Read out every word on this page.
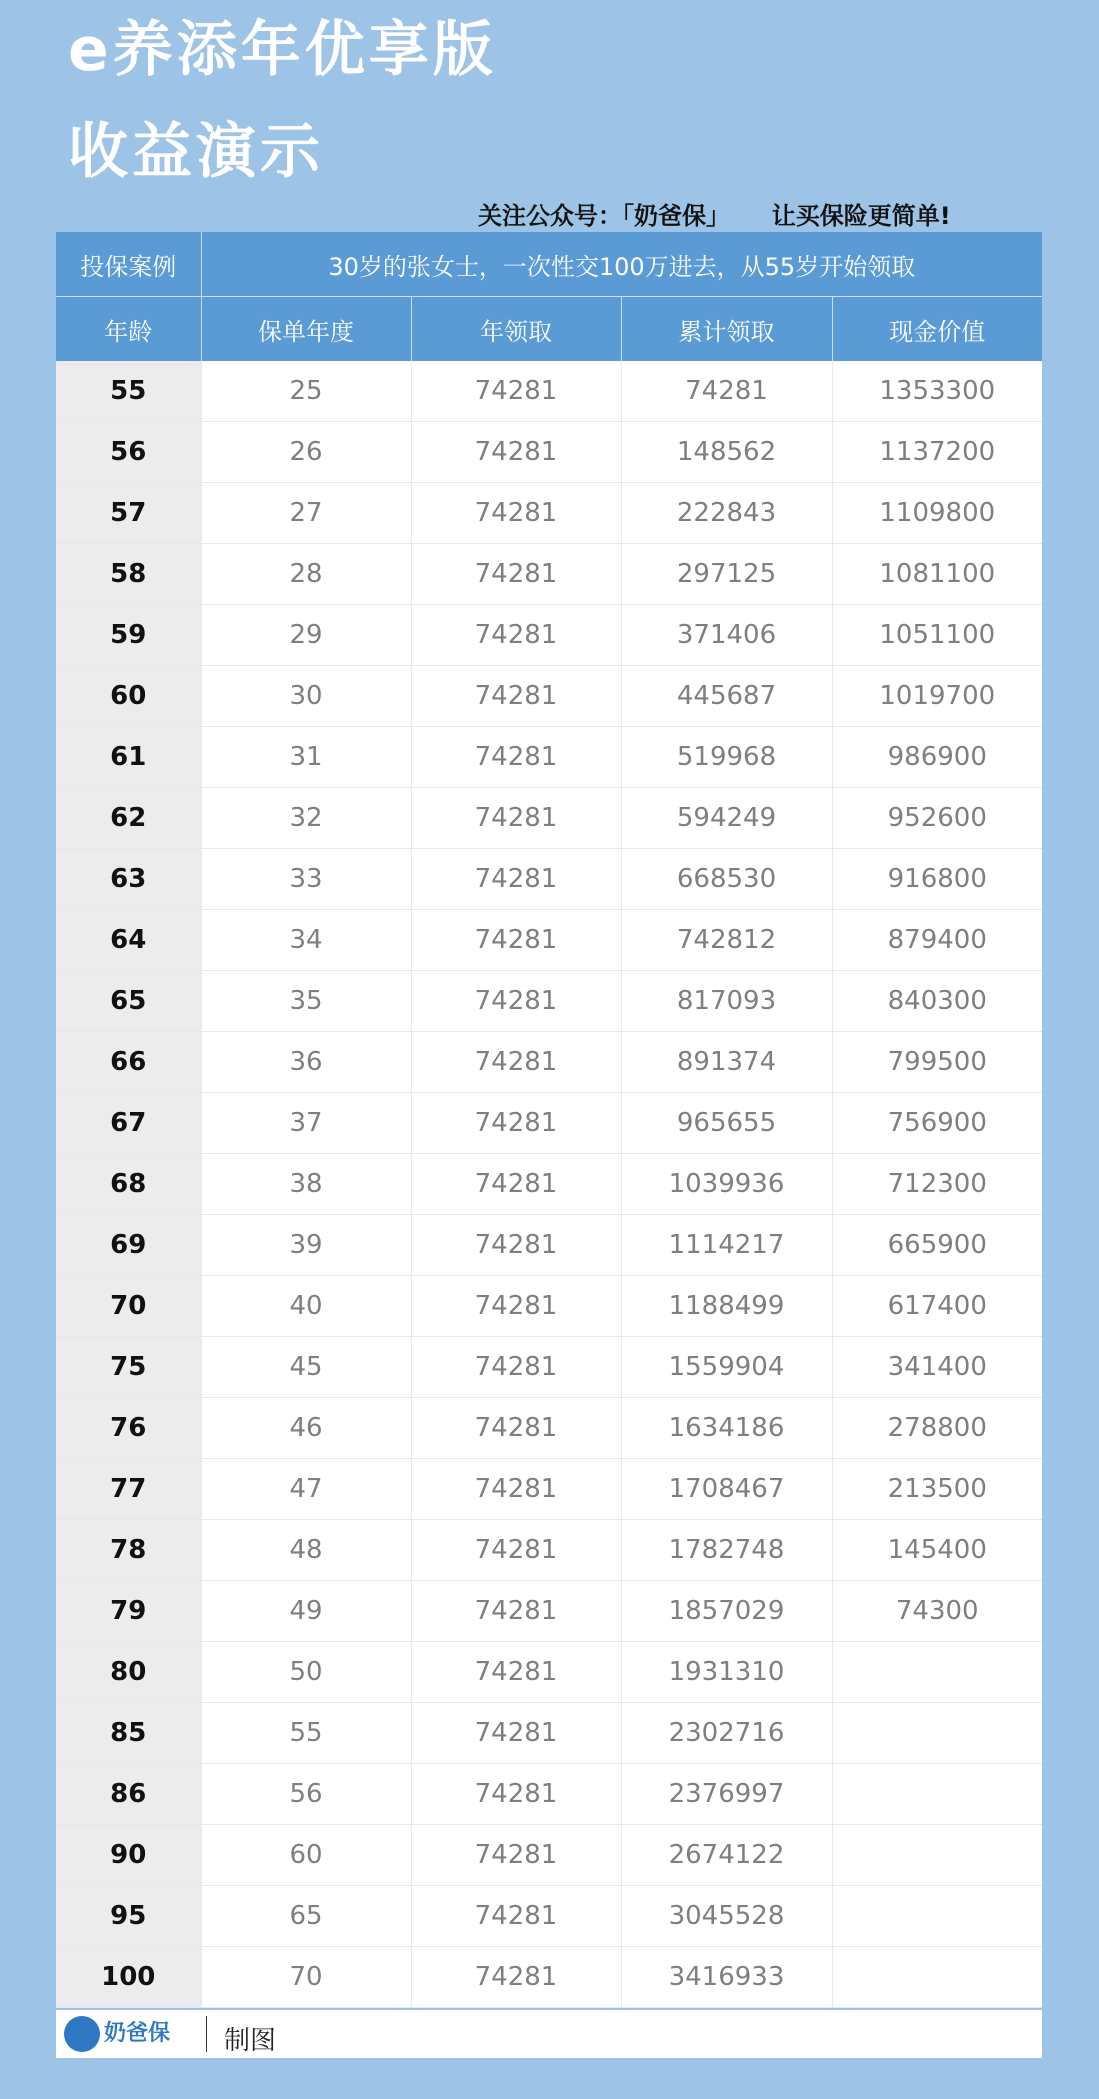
e养添年优享版
收益演示
关注公众号：「奶爸保」     让买保险更简单!
投保案例	30岁的张女士，一次性交100万进去，从55岁开始领取			
年龄	保单年度	年领取	累计领取	现金价值
55	25	74281	74281	1353300
56	26	74281	148562	1137200
57	27	74281	222843	1109800
58	28	74281	297125	1081100
59	29	74281	371406	1051100
60	30	74281	445687	1019700
61	31	74281	519968	986900
62	32	74281	594249	952600
63	33	74281	668530	916800
64	34	74281	742812	879400
65	35	74281	817093	840300
66	36	74281	891374	799500
67	37	74281	965655	756900
68	38	74281	1039936	712300
69	39	74281	1114217	665900
70	40	74281	1188499	617400
75	45	74281	1559904	341400
76	46	74281	1634186	278800
77	47	74281	1708467	213500
78	48	74281	1782748	145400
79	49	74281	1857029	74300
80	50	74281	1931310	
85	55	74281	2302716	
86	56	74281	2376997	
90	60	74281	2674122	
95	65	74281	3045528	
100	70	74281	3416933	
奶爸保 制图
